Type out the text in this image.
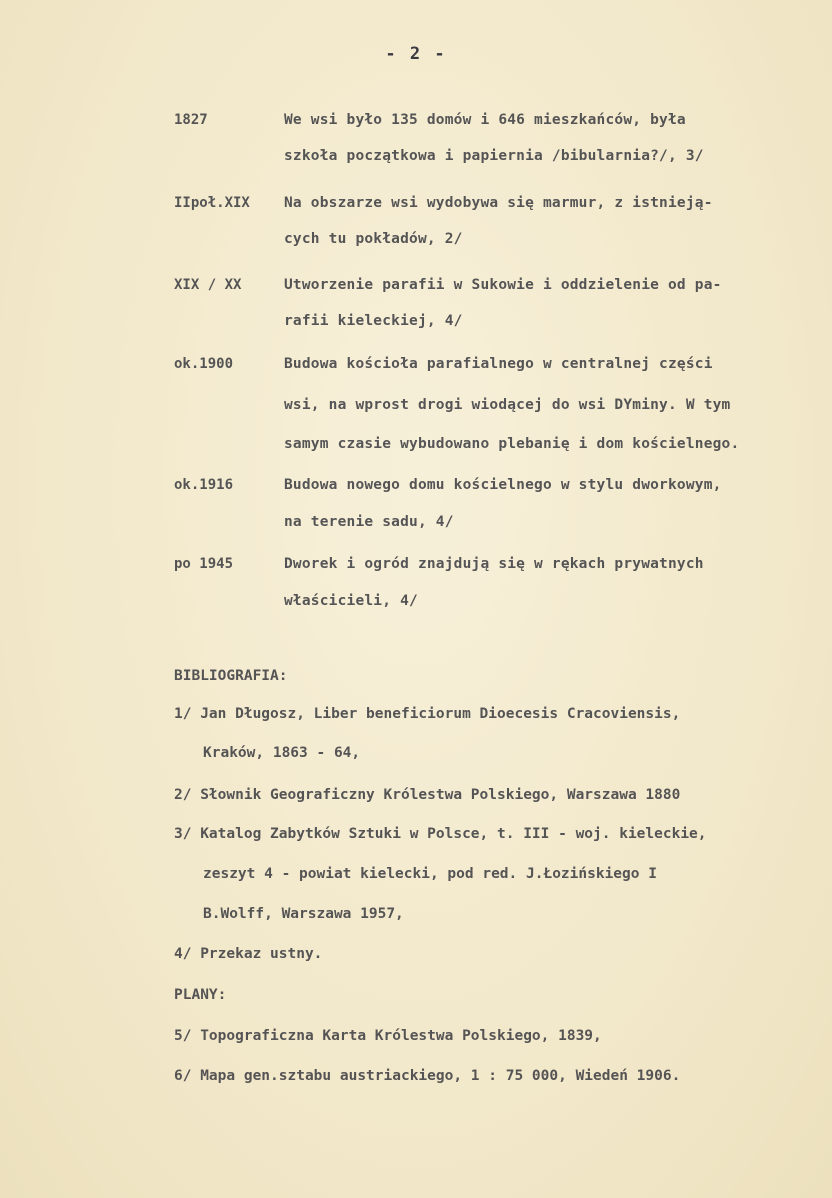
- 2 -
1827	We wsi było 135 domów i 646 mieszkańców, była
szkoła początkowa i papiernia /bibularnia?/, 3/
IIpoł.XIX	Na obszarze wsi wydobywa się marmur, z istnieją-
cych tu pokładów, 2/
XIX / XX	Utworzenie parafii w Sukowie i oddzielenie od pa-
rafii kieleckiej, 4/
ok.1900	Budowa kościoła parafialnego w centralnej części
wsi, na wprost drogi wiodącej do wsi DYminy. W tym
samym czasie wybudowano plebanię i dom kościelnego.
ok.1916	Budowa nowego domu kościelnego w stylu dworkowym,
na terenie sadu, 4/
po 1945	Dworek i ogród znajdują się w rękach prywatnych
właścicieli, 4/
BIBLIOGRAFIA:
1/ Jan Długosz, Liber beneficiorum Dioecesis Cracoviensis,
Kraków, 1863 - 64,
2/ Słownik Geograficzny Królestwa Polskiego, Warszawa 1880
3/ Katalog Zabytków Sztuki w Polsce, t. III - woj. kieleckie,
zeszyt 4 - powiat kielecki, pod red. J.Łozińskiego I
B.Wolff, Warszawa 1957,
4/ Przekaz ustny.
PLANY:
5/ Topograficzna Karta Królestwa Polskiego, 1839,
6/ Mapa gen.sztabu austriackiego, 1 : 75 000, Wiedeń 1906.
